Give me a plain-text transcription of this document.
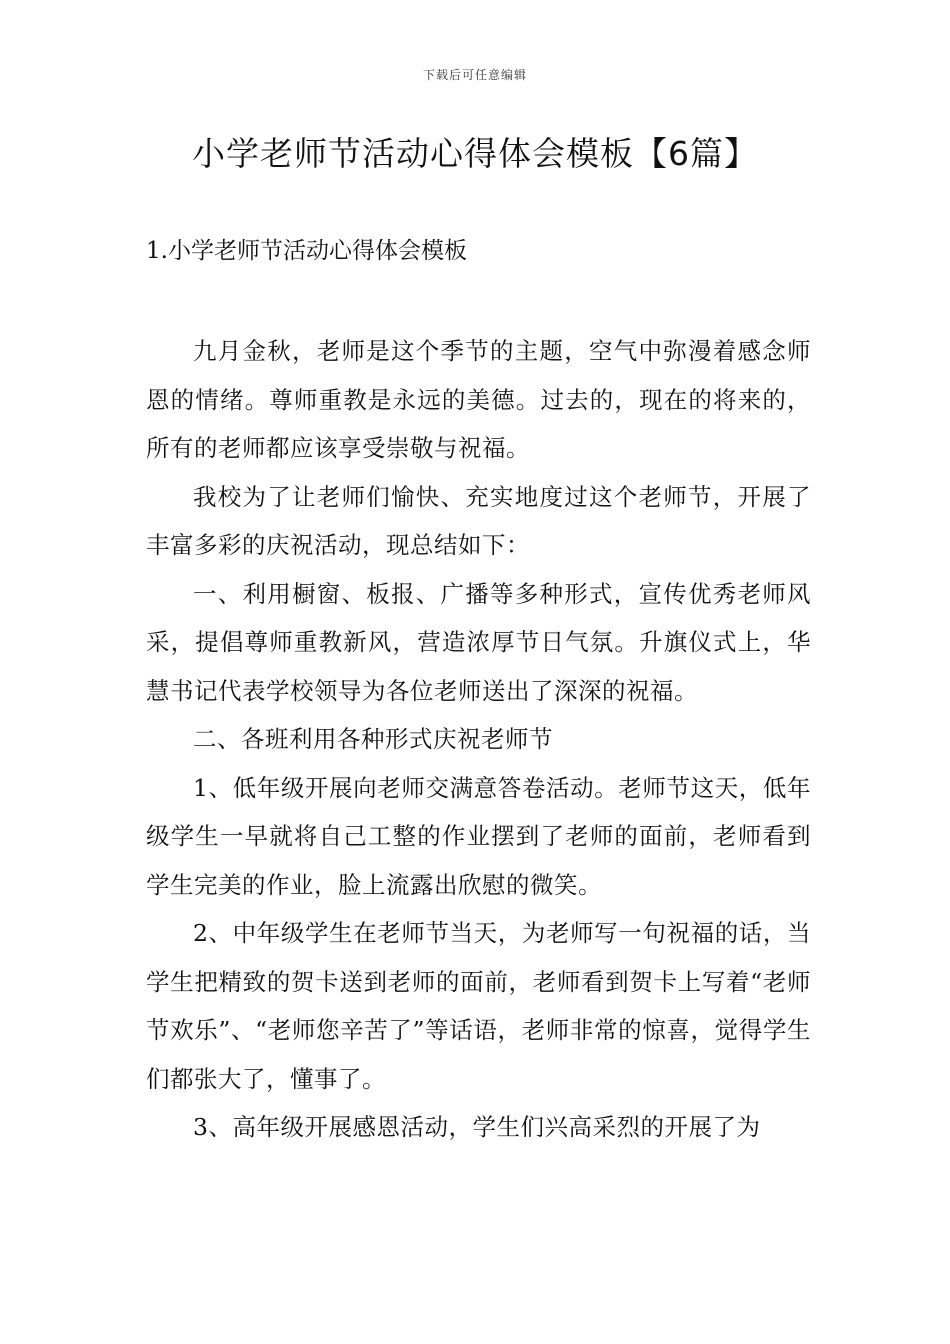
下载后可任意编辑
小学老师节活动心得体会模板【6篇】
1.小学老师节活动心得体会模板

九月金秋，老师是这个季节的主题，空气中弥漫着感念师恩的情绪。尊师重教是永远的美德。过去的，现在的将来的，所有的老师都应该享受崇敬与祝福。

我校为了让老师们愉快、充实地度过这个老师节，开展了丰富多彩的庆祝活动，现总结如下：

一、利用橱窗、板报、广播等多种形式，宣传优秀老师风采，提倡尊师重教新风，营造浓厚节日气氛。升旗仪式上，华慧书记代表学校领导为各位老师送出了深深的祝福。

二、各班利用各种形式庆祝老师节

1、低年级开展向老师交满意答卷活动。老师节这天，低年级学生一早就将自己工整的作业摆到了老师的面前，老师看到学生完美的作业，脸上流露出欣慰的微笑。

2、中年级学生在老师节当天，为老师写一句祝福的话，当学生把精致的贺卡送到老师的面前，老师看到贺卡上写着“老师节欢乐”、“老师您辛苦了”等话语，老师非常的惊喜，觉得学生们都张大了，懂事了。

3、高年级开展感恩活动，学生们兴高采烈的开展了为
